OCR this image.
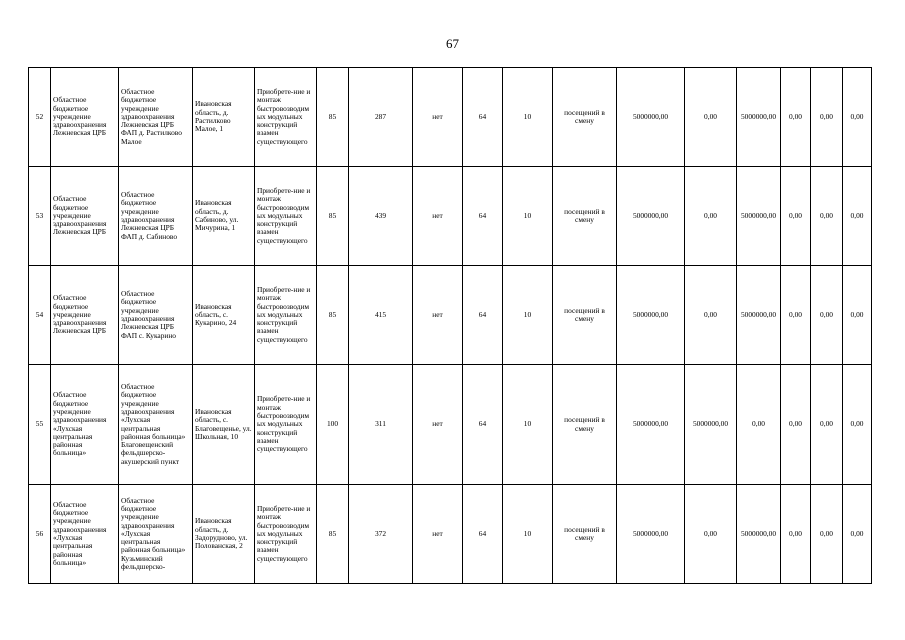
67
52	Областное бюджетное учреждение здравоохранения Лежневская ЦРБ	Областное бюджетное учреждение здравоохранения Лежневская ЦРБ ФАП д. Растилково Малое	Ивановская область, д. Растилково Малое, 1	Приобрете-ние и монтаж быстровозводимых модульных конструкций взамен существующего	85	287	нет	64	10	посещений в смену	5000000,00	0,00	5000000,00	0,00	0,00	0,00
53	Областное бюджетное учреждение здравоохранения Лежневская ЦРБ	Областное бюджетное учреждение здравоохранения Лежневская ЦРБ ФАП д. Сабиново	Ивановская область, д. Сабиново, ул. Мичурина, 1	Приобрете-ние и монтаж быстровозводимых модульных конструкций взамен существующего	85	439	нет	64	10	посещений в смену	5000000,00	0,00	5000000,00	0,00	0,00	0,00
54	Областное бюджетное учреждение здравоохранения Лежневская ЦРБ	Областное бюджетное учреждение здравоохранения Лежневская ЦРБ ФАП с. Кукарино	Ивановская область, с. Кукарино, 24	Приобрете-ние и монтаж быстровозводимых модульных конструкций взамен существующего	85	415	нет	64	10	посещений в смену	5000000,00	0,00	5000000,00	0,00	0,00	0,00
55	Областное бюджетное учреждение здравоохранения «Лухская центральная районная больница»	Областное бюджетное учреждение здравоохранения «Лухская центральная районная больница» Благовещенский фельдшерско-акушерский пункт	Ивановская область, с. Благовещенье, ул. Школьная, 10	Приобрете-ние и монтаж быстровозводимых модульных конструкций взамен существующего	100	311	нет	64	10	посещений в смену	5000000,00	5000000,00	0,00	0,00	0,00	0,00
56	Областное бюджетное учреждение здравоохранения «Лухская центральная районная больница»	Областное бюджетное учреждение здравоохранения «Лухская центральная районная больница» Кузьминский фельдшерско-	Ивановская область, д. Задорудново, ул. Полованская, 2	Приобрете-ние и монтаж быстровозводимых модульных конструкций взамен существующего	85	372	нет	64	10	посещений в смену	5000000,00	0,00	5000000,00	0,00	0,00	0,00
